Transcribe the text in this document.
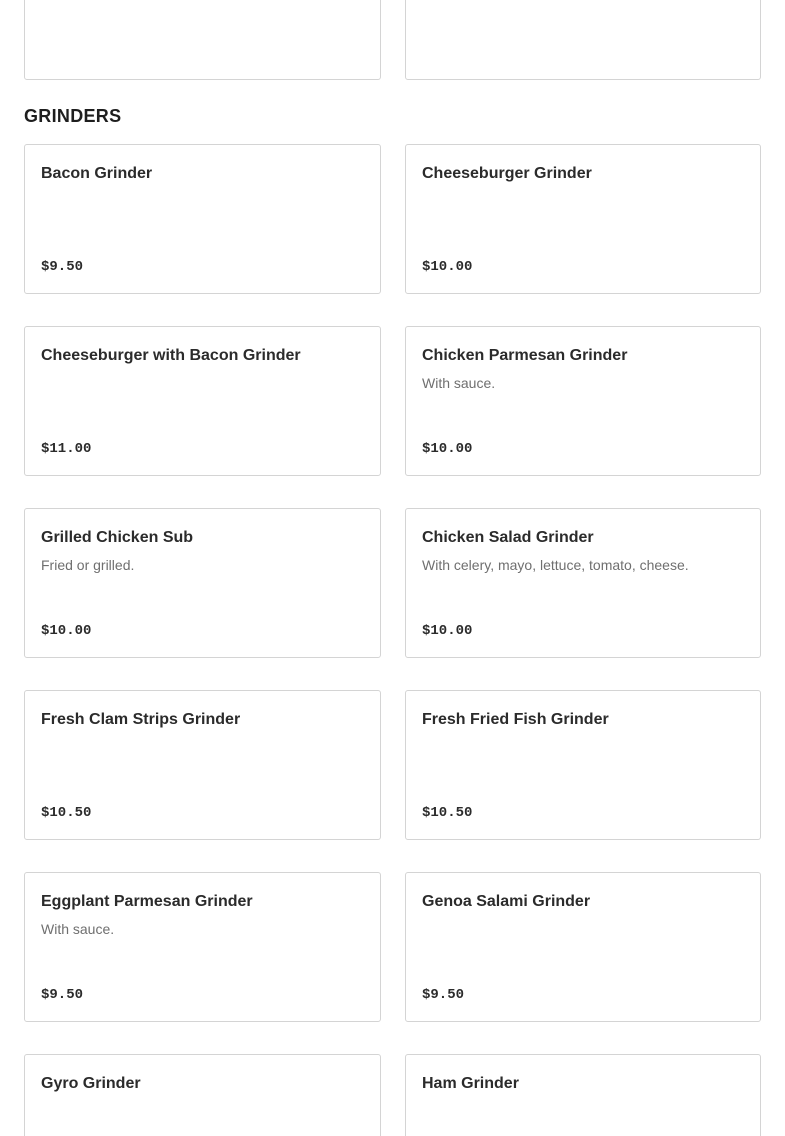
GRINDERS
Bacon Grinder
$9.50
Cheeseburger Grinder
$10.00
Cheeseburger with Bacon Grinder
$11.00
Chicken Parmesan Grinder
With sauce.
$10.00
Grilled Chicken Sub
Fried or grilled.
$10.00
Chicken Salad Grinder
With celery, mayo, lettuce, tomato, cheese.
$10.00
Fresh Clam Strips Grinder
$10.50
Fresh Fried Fish Grinder
$10.50
Eggplant Parmesan Grinder
With sauce.
$9.50
Genoa Salami Grinder
$9.50
Gyro Grinder	Ham Grinder
